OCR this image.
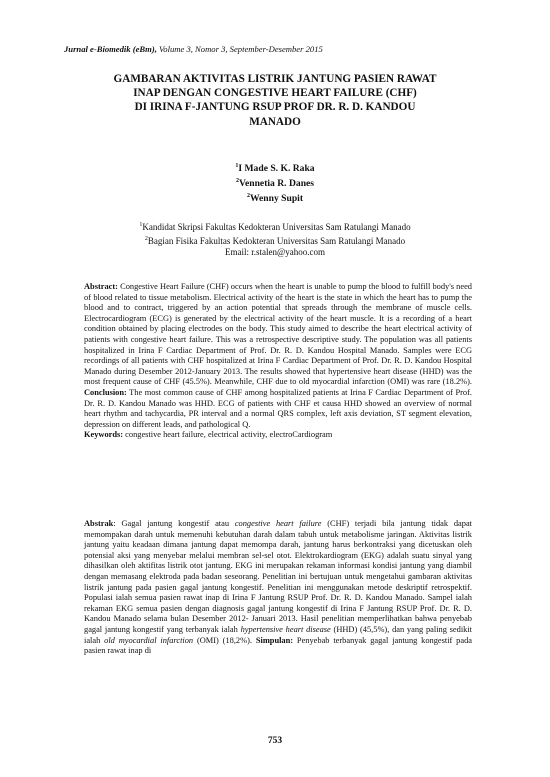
Jurnal e-Biomedik (eBm), Volume 3, Nomor 3, September-Desember 2015
GAMBARAN AKTIVITAS LISTRIK JANTUNG PASIEN RAWAT
INAP DENGAN CONGESTIVE HEART FAILURE (CHF)
DI IRINA F-JANTUNG RSUP PROF DR. R. D. KANDOU
MANADO
$^1$I Made S. K. Raka
$^2$Vennetia R. Danes
$^2$Wenny Supit
$^1$Kandidat Skripsi Fakultas Kedokteran Universitas Sam Ratulangi Manado
$^2$Bagian Fisika Fakultas Kedokteran Universitas Sam Ratulangi Manado
Email: r.stalen@yahoo.com
Abstract: Congestive Heart Failure (CHF) occurs when the heart is unable to pump the blood to fulfill body's need of blood related to tissue metabolism. Electrical activity of the heart is the state in which the heart has to pump the blood and to contract, triggered by an action potential that spreads through the membrane of muscle cells. Electrocardiogram (ECG) is generated by the electrical activity of the heart muscle. It is a recording of a heart condition obtained by placing electrodes on the body. This study aimed to describe the heart electrical activity of patients with congestive heart failure. This was a retrospective descriptive study. The population was all patients hospitalized in Irina F Cardiac Department of Prof. Dr. R. D. Kandou Hospital Manado. Samples were ECG recordings of all patients with CHF hospitalized at Irina F Cardiac Department of Prof. Dr. R. D. Kandou Hospital Manado during Desember 2012-January 2013. The results showed that hypertensive heart disease (HHD) was the most frequent cause of CHF (45.5%). Meanwhile, CHF due to old myocardial infarction (OMI) was rare (18.2%). Conclusion: The most common cause of CHF among hospitalized patients at Irina F Cardiac Department of Prof. Dr. R. D. Kandou Manado was HHD. ECG of patients with CHF et causa HHD showed an overview of normal heart rhythm and tachycardia, PR interval and a normal QRS complex, left axis deviation, ST segment elevation, depression on different leads, and pathological Q.
Keywords: congestive heart failure, electrical activity, electroCardiogram
Abstrak: Gagal jantung kongestif atau congestive heart failure (CHF) terjadi bila jantung tidak dapat memompakan darah untuk memenuhi kebutuhan darah dalam tabuh untuk metabolisme jaringan. Aktivitas listrik jantung yaitu keadaan dimana jantung dapat memompa darah, jantung harus berkontraksi yang dicetuskan oleh potensial aksi yang menyebar melalui membran sel-sel otot. Elektrokardiogram (EKG) adalah suatu sinyal yang dihasilkan oleh aktifitas listrik otot jantung. EKG ini merupakan rekaman informasi kondisi jantung yang diambil dengan memasang elektroda pada badan seseorang. Penelitian ini bertujuan untuk mengetahui gambaran aktivitas listrik jantung pada pasien gagal jantung kongestif. Penelitian ini menggunakan metode deskriptif retrospektif. Populasi ialah semua pasien rawat inap di Irina F Jantung RSUP Prof. Dr. R. D. Kandou Manado. Sampel ialah rekaman EKG semua pasien dengan diagnosis gagal jantung kongestif di Irina F Jantung RSUP Prof. Dr. R. D. Kandou Manado selama bulan Desember 2012- Januari 2013. Hasil penelitian memperlihatkan bahwa penyebab gagal jantung kongestif yang terbanyak ialah hypertensive heart disease (HHD) (45,5%), dan yang paling sedikit ialah old myocardial infarction (OMI) (18,2%). Simpulan: Penyebab terbanyak gagal jantung kongestif pada pasien rawat inap di
753
